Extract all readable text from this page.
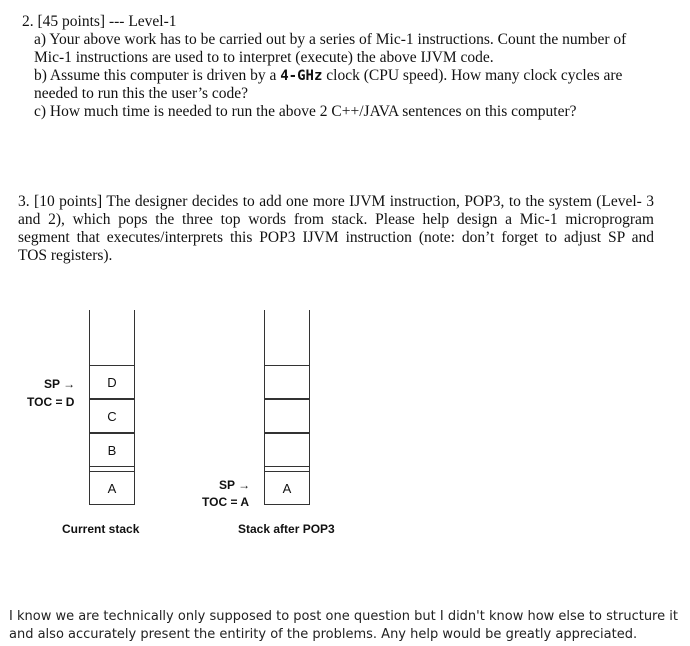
2. [45 points] --- Level-1
a) Your above work has to be carried out by a series of Mic-1 instructions. Count the number of
Mic-1 instructions are used to to interpret (execute) the above IJVM code.
b) Assume this computer is driven by a 4-GHz clock (CPU speed). How many clock cycles are
needed to run this the user’s code?
c) How much time is needed to run the above 2 C++/JAVA sentences on this computer?
3. [10 points] The designer decides to add one more IJVM instruction, POP3, to the system (Level- 3
and 2), which pops the three top words from stack. Please help design a Mic-1 microprogram
segment that executes/interprets this POP3 IJVM instruction (note: don’t forget to adjust SP and
TOS registers).
D
C
B
A
SP →
TOC = D
Current stack
A
SP →
TOC = A
Stack after POP3
I know we are technically only supposed to post one question but I didn't know how else to structure it
and also accurately present the entirity of the problems. Any help would be greatly appreciated.
